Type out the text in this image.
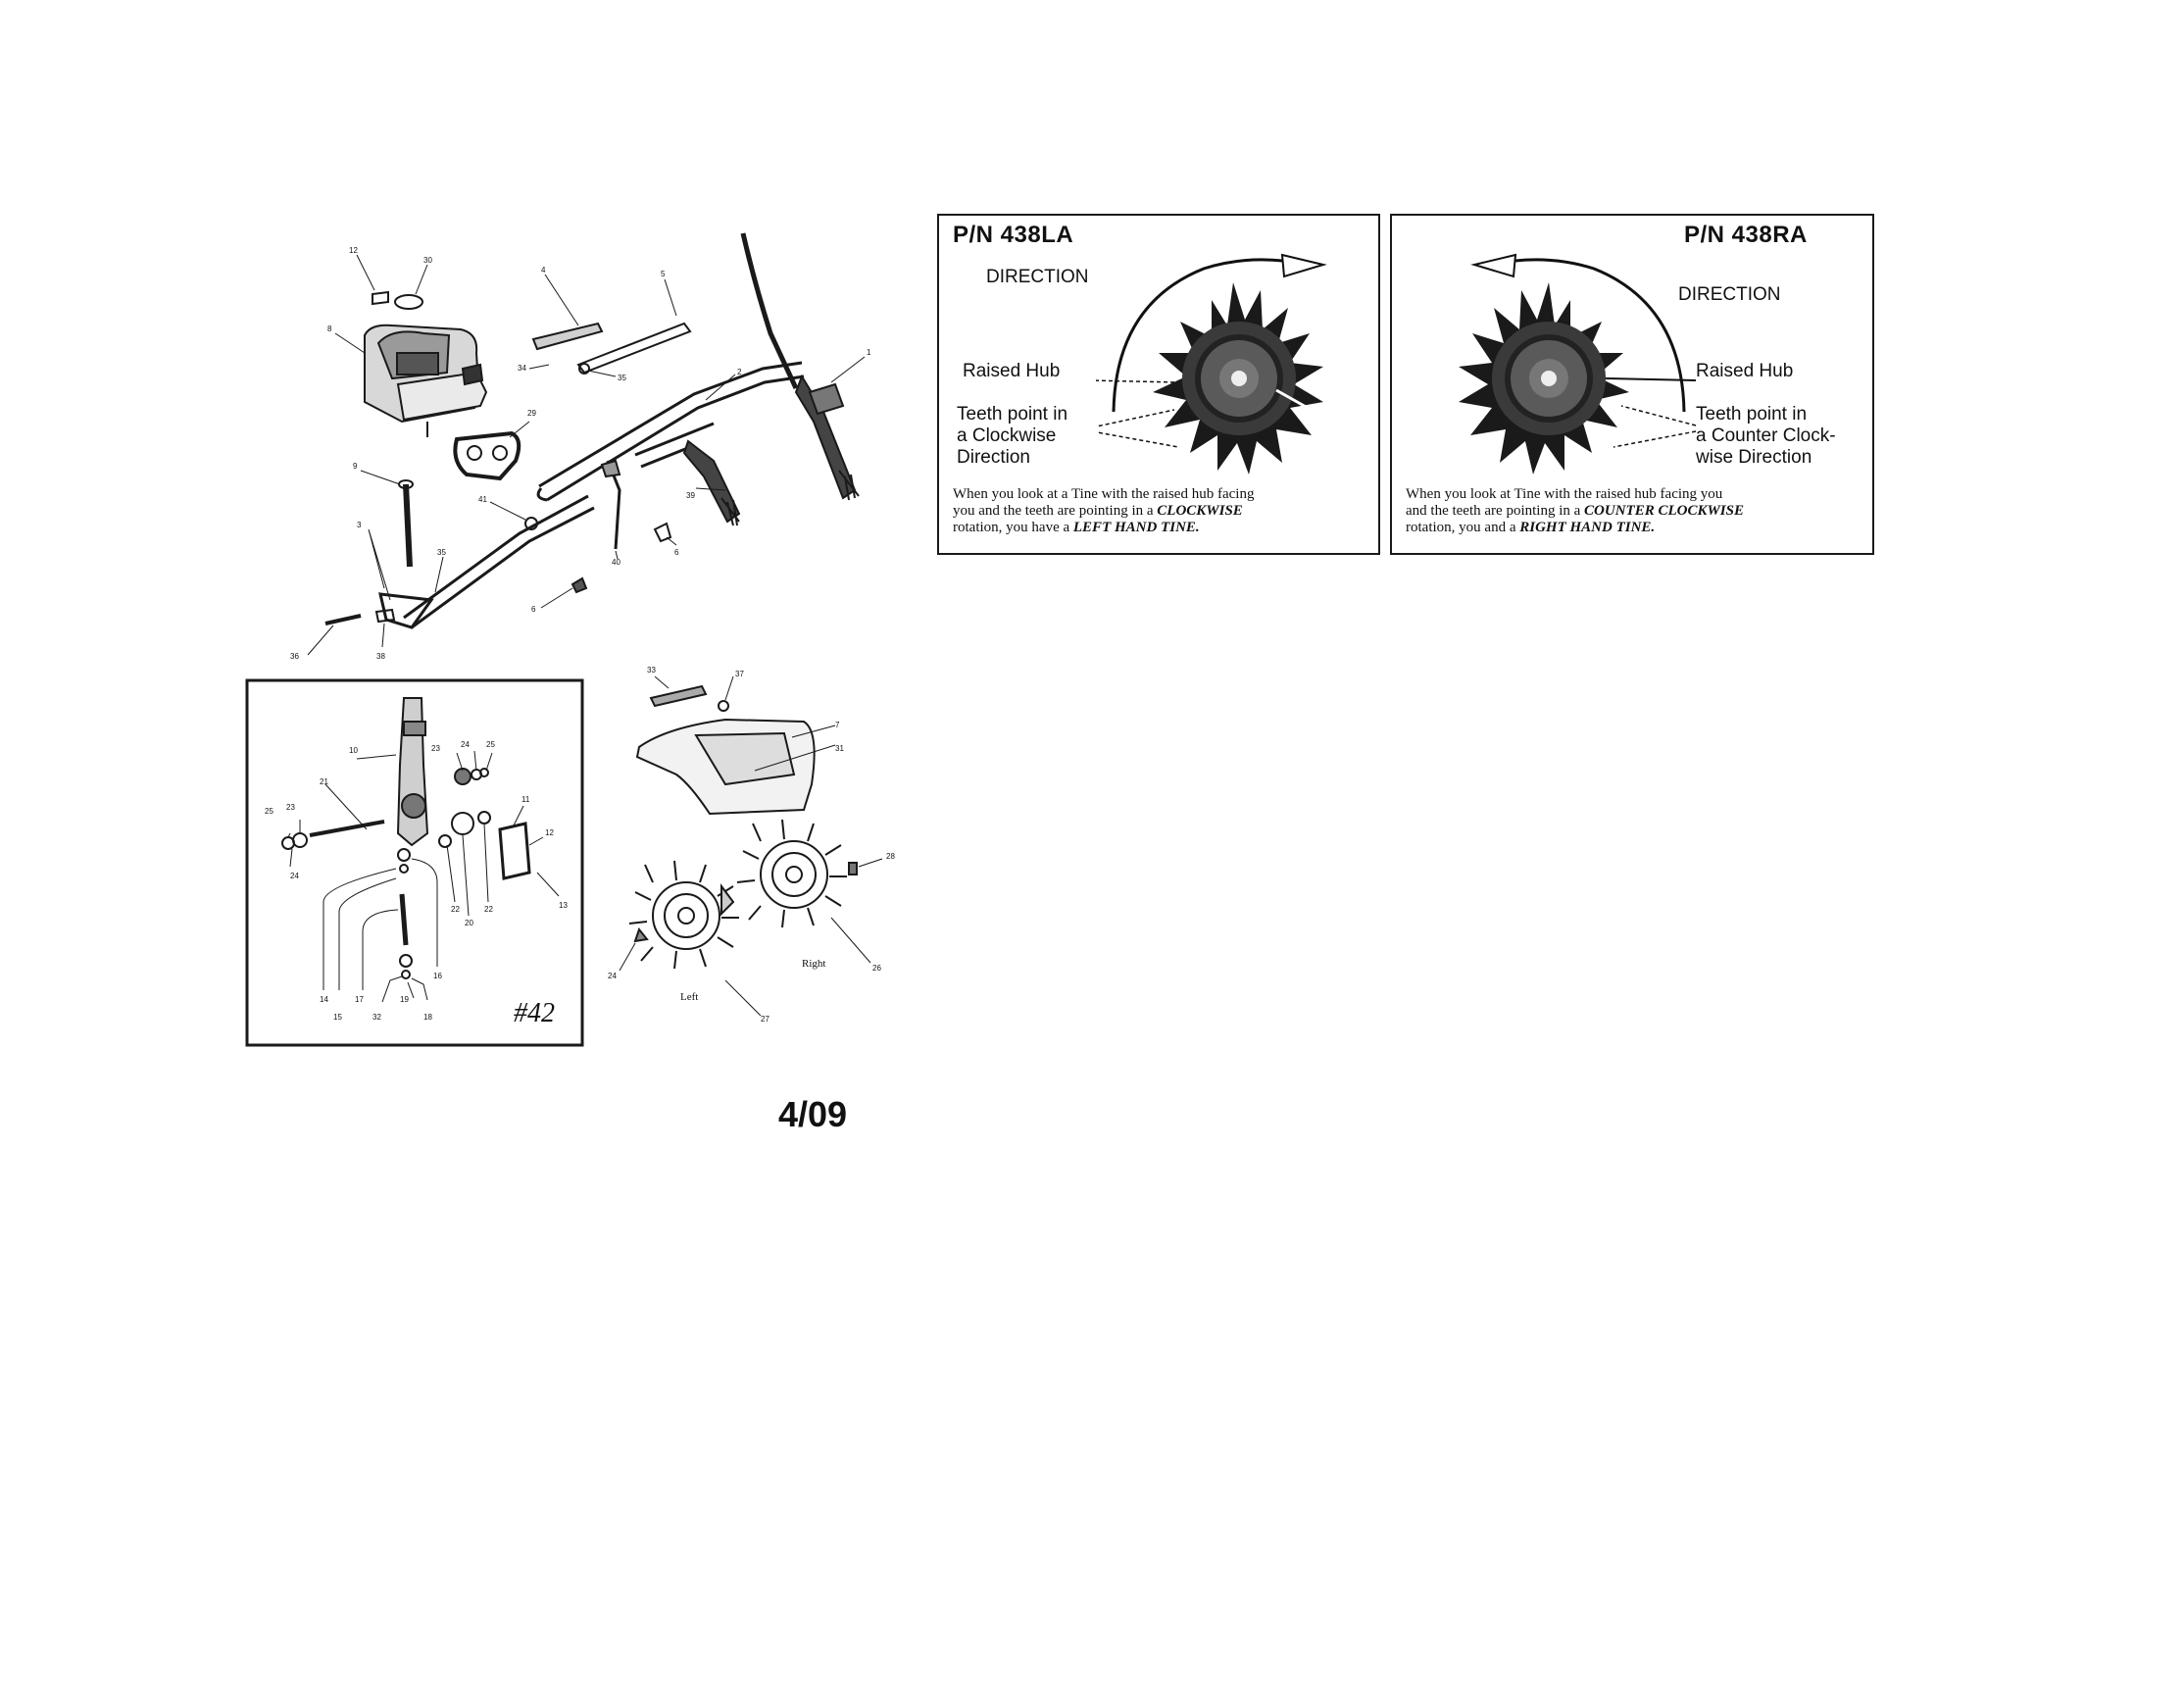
12
30
4	5
8
34
35
29
9
41
3
35
36	38
2
1
39
40
6
6
10	23	24 25
21
25 23
24
22
20
22
11
12
13
14
15
17
16
32
19
18
33	37
7
31
28
24
27
26
Left
Right
#42
P/N 438LA
DIRECTION
Raised Hub
Teeth point in
a Clockwise
Direction
When you look at a Tine with the raised hub facing
you and the teeth are pointing in a CLOCKWISE
rotation, you have a LEFT HAND TINE.
P/N 438RA
DIRECTION
Raised Hub
Teeth point in
a Counter Clock-
wise Direction
When you look at Tine with the raised hub facing you
and the teeth are pointing in a COUNTER CLOCKWISE
rotation, you and a RIGHT HAND TINE.
4/09
